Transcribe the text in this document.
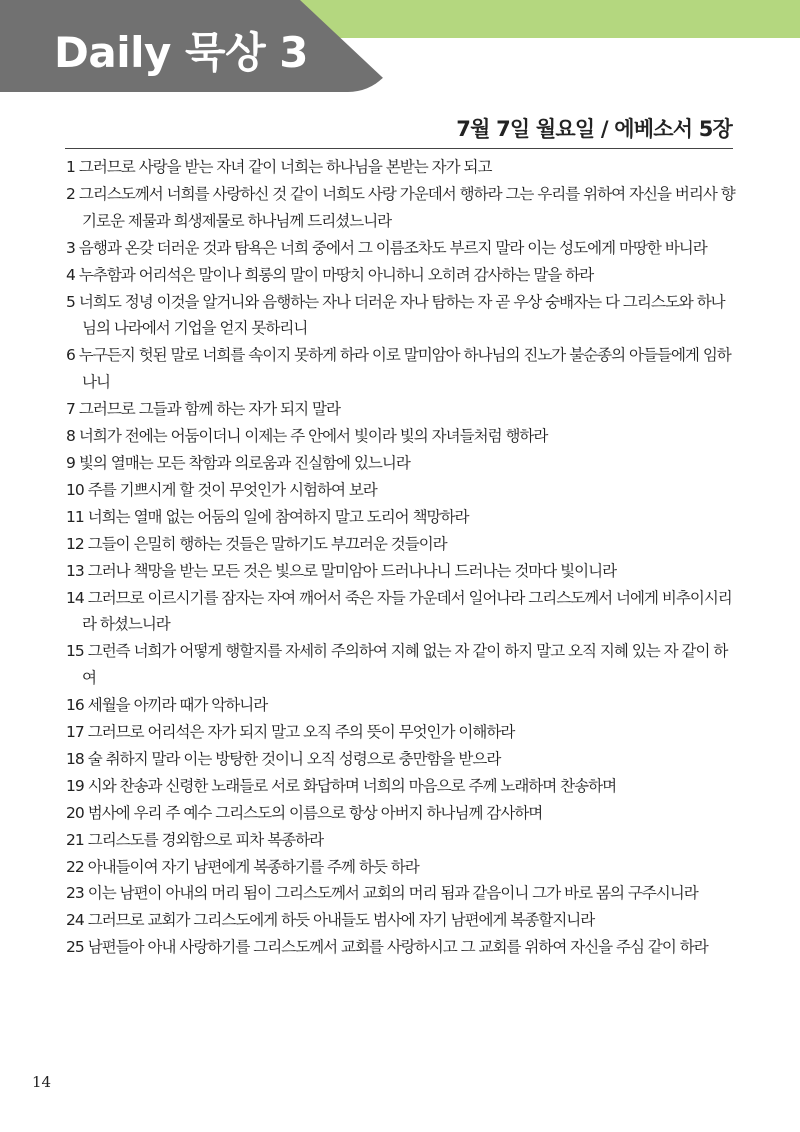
Daily 묵상 3
7월 7일 월요일 / 에베소서 5장
1 그러므로 사랑을 받는 자녀 같이 너희는 하나님을 본받는 자가 되고
2 그리스도께서 너희를 사랑하신 것 같이 너희도 사랑 가운데서 행하라 그는 우리를 위하여 자신을 버리사 향기로운 제물과 희생제물로 하나님께 드리셨느니라
3 음행과 온갖 더러운 것과 탐욕은 너희 중에서 그 이름조차도 부르지 말라 이는 성도에게 마땅한 바니라
4 누추함과 어리석은 말이나 희롱의 말이 마땅치 아니하니 오히려 감사하는 말을 하라
5 너희도 정녕 이것을 알거니와 음행하는 자나 더러운 자나 탐하는 자 곧 우상 숭배자는 다 그리스도와 하나님의 나라에서 기업을 얻지 못하리니
6 누구든지 헛된 말로 너희를 속이지 못하게 하라 이로 말미암아 하나님의 진노가 불순종의 아들들에게 임하나니
7 그러므로 그들과 함께 하는 자가 되지 말라
8 너희가 전에는 어둠이더니 이제는 주 안에서 빛이라 빛의 자녀들처럼 행하라
9 빛의 열매는 모든 착함과 의로움과 진실함에 있느니라
10 주를 기쁘시게 할 것이 무엇인가 시험하여 보라
11 너희는 열매 없는 어둠의 일에 참여하지 말고 도리어 책망하라
12 그들이 은밀히 행하는 것들은 말하기도 부끄러운 것들이라
13 그러나 책망을 받는 모든 것은 빛으로 말미암아 드러나나니 드러나는 것마다 빛이니라
14 그러므로 이르시기를 잠자는 자여 깨어서 죽은 자들 가운데서 일어나라 그리스도께서 너에게 비추이시리라 하셨느니라
15 그런즉 너희가 어떻게 행할지를 자세히 주의하여 지혜 없는 자 같이 하지 말고 오직 지혜 있는 자 같이 하여
16 세월을 아끼라 때가 악하니라
17 그러므로 어리석은 자가 되지 말고 오직 주의 뜻이 무엇인가 이해하라
18 술 취하지 말라 이는 방탕한 것이니 오직 성령으로 충만함을 받으라
19 시와 찬송과 신령한 노래들로 서로 화답하며 너희의 마음으로 주께 노래하며 찬송하며
20 범사에 우리 주 예수 그리스도의 이름으로 항상 아버지 하나님께 감사하며
21 그리스도를 경외함으로 피차 복종하라
22 아내들이여 자기 남편에게 복종하기를 주께 하듯 하라
23 이는 남편이 아내의 머리 됨이 그리스도께서 교회의 머리 됨과 같음이니 그가 바로 몸의 구주시니라
24 그러므로 교회가 그리스도에게 하듯 아내들도 범사에 자기 남편에게 복종할지니라
25 남편들아 아내 사랑하기를 그리스도께서 교회를 사랑하시고 그 교회를 위하여 자신을 주심 같이 하라
14
